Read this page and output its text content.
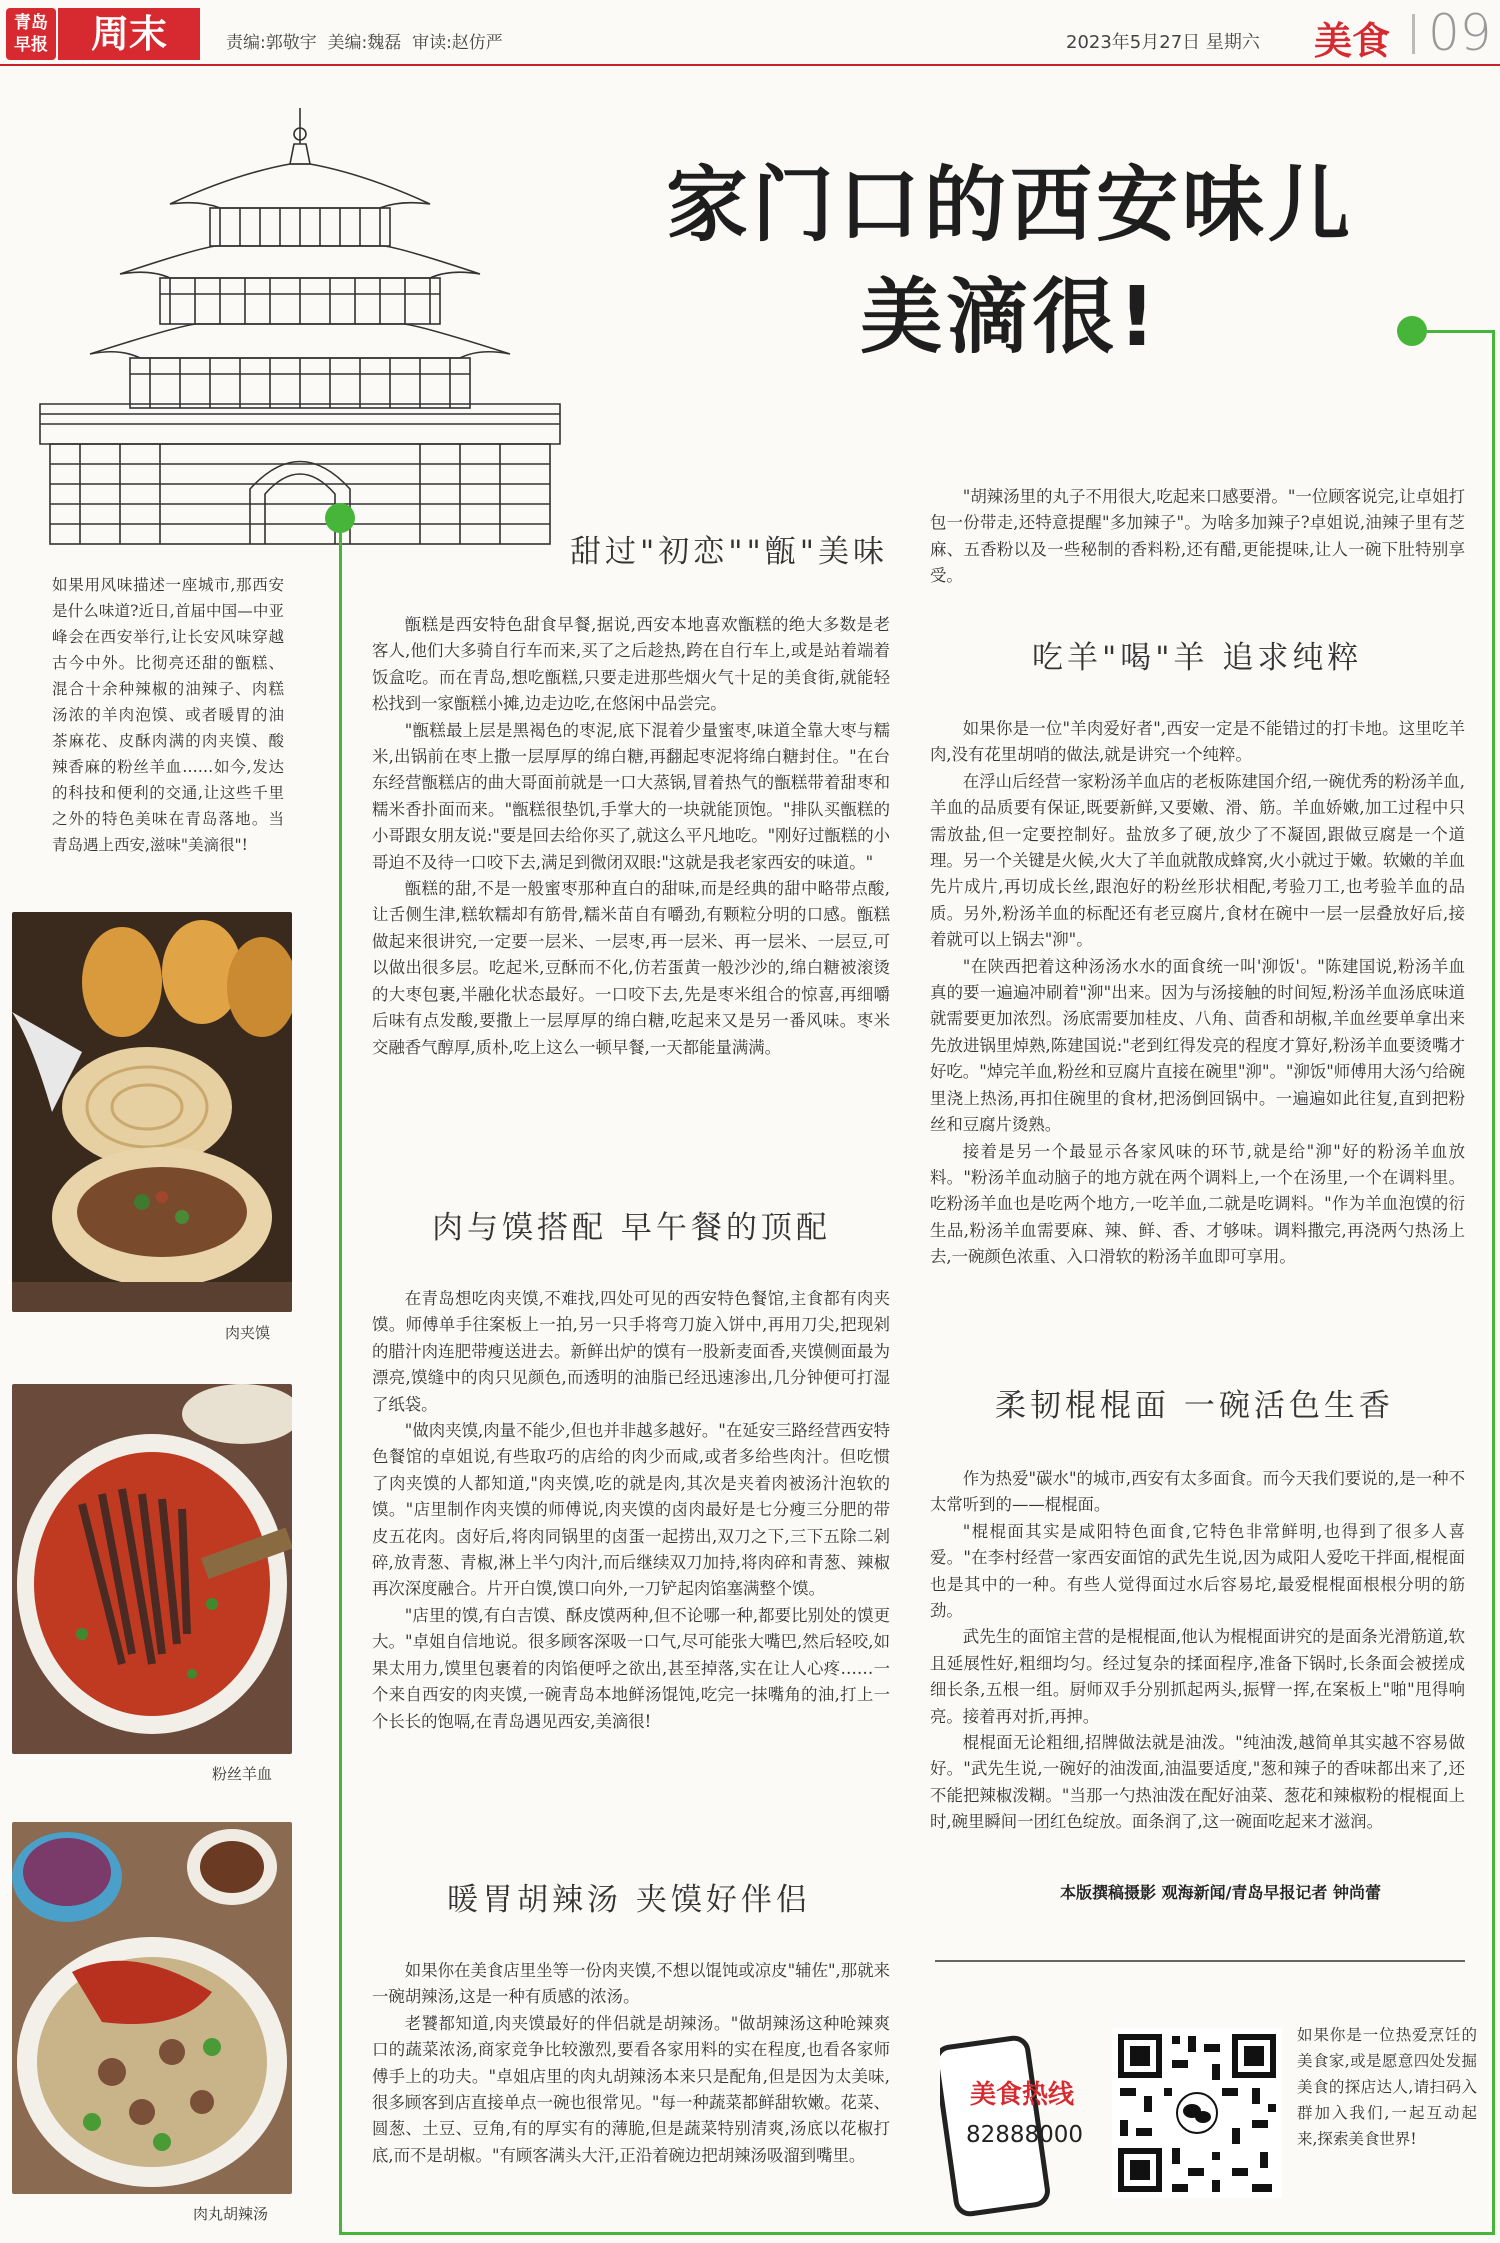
青岛
早报	周末	责编:郭敬宇  美编:魏磊  审读:赵仿严	2023年5月27日 星期六 美食 09
家门口的西安味儿
美滴很!
如果用风味描述一座城市,那西安是什么味道?近日,首届中国—中亚峰会在西安举行,让长安风味穿越古今中外。比彻亮还甜的甑糕、混合十余种辣椒的油辣子、肉糕汤浓的羊肉泡馍、或者暖胃的油茶麻花、皮酥肉满的肉夹馍、酸辣香麻的粉丝羊血……如今,发达的科技和便利的交通,让这些千里之外的特色美味在青岛落地。当青岛遇上西安,滋味"美滴很"!
肉夹馍
粉丝羊血
肉丸胡辣汤
甜过"初恋""甑"美味

甑糕是西安特色甜食早餐,据说,西安本地喜欢甑糕的绝大多数是老客人,他们大多骑自行车而来,买了之后趁热,跨在自行车上,或是站着端着饭盒吃。而在青岛,想吃甑糕,只要走进那些烟火气十足的美食街,就能轻松找到一家甑糕小摊,边走边吃,在悠闲中品尝完。

"甑糕最上层是黑褐色的枣泥,底下混着少量蜜枣,味道全靠大枣与糯米,出锅前在枣上撒一层厚厚的绵白糖,再翻起枣泥将绵白糖封住。"在台东经营甑糕店的曲大哥面前就是一口大蒸锅,冒着热气的甑糕带着甜枣和糯米香扑面而来。"甑糕很垫饥,手掌大的一块就能顶饱。"排队买甑糕的小哥跟女朋友说:"要是回去给你买了,就这么平凡地吃。"刚好过甑糕的小哥迫不及待一口咬下去,满足到微闭双眼:"这就是我老家西安的味道。"

甑糕的甜,不是一般蜜枣那种直白的甜味,而是经典的甜中略带点酸,让舌侧生津,糕软糯却有筋骨,糯米苗自有嚼劲,有颗粒分明的口感。甑糕做起来很讲究,一定要一层米、一层枣,再一层米、再一层米、一层豆,可以做出很多层。吃起米,豆酥而不化,仿若蛋黄一般沙沙的,绵白糖被滚烫的大枣包裹,半融化状态最好。一口咬下去,先是枣米组合的惊喜,再细嚼后味有点发酸,要撒上一层厚厚的绵白糖,吃起来又是另一番风味。枣米交融香气醇厚,质朴,吃上这么一顿早餐,一天都能量满满。

肉与馍搭配 早午餐的顶配

在青岛想吃肉夹馍,不难找,四处可见的西安特色餐馆,主食都有肉夹馍。师傅单手往案板上一拍,另一只手将弯刀旋入饼中,再用刀尖,把现剁的腊汁肉连肥带瘦送进去。新鲜出炉的馍有一股新麦面香,夹馍侧面最为漂亮,馍缝中的肉只见颜色,而透明的油脂已经迅速渗出,几分钟便可打湿了纸袋。

"做肉夹馍,肉量不能少,但也并非越多越好。"在延安三路经营西安特色餐馆的卓姐说,有些取巧的店给的肉少而咸,或者多给些肉汁。但吃惯了肉夹馍的人都知道,"肉夹馍,吃的就是肉,其次是夹着肉被汤汁泡软的馍。"店里制作肉夹馍的师傅说,肉夹馍的卤肉最好是七分瘦三分肥的带皮五花肉。卤好后,将肉同锅里的卤蛋一起捞出,双刀之下,三下五除二剁碎,放青葱、青椒,淋上半勺肉汁,而后继续双刀加持,将肉碎和青葱、辣椒再次深度融合。片开白馍,馍口向外,一刀铲起肉馅塞满整个馍。

"店里的馍,有白吉馍、酥皮馍两种,但不论哪一种,都要比别处的馍更大。"卓姐自信地说。很多顾客深吸一口气,尽可能张大嘴巴,然后轻咬,如果太用力,馍里包裹着的肉馅便呼之欲出,甚至掉落,实在让人心疼……一个来自西安的肉夹馍,一碗青岛本地鲜汤馄饨,吃完一抹嘴角的油,打上一个长长的饱嗝,在青岛遇见西安,美滴很!

暖胃胡辣汤 夹馍好伴侣

如果你在美食店里坐等一份肉夹馍,不想以馄饨或凉皮"辅佐",那就来一碗胡辣汤,这是一种有质感的浓汤。

老饕都知道,肉夹馍最好的伴侣就是胡辣汤。"做胡辣汤这种呛辣爽口的蔬菜浓汤,商家竞争比较激烈,要看各家用料的实在程度,也看各家师傅手上的功夫。"卓姐店里的肉丸胡辣汤本来只是配角,但是因为太美味,很多顾客到店直接单点一碗也很常见。"每一种蔬菜都鲜甜软嫩。花菜、圆葱、土豆、豆角,有的厚实有的薄脆,但是蔬菜特别清爽,汤底以花椒打底,而不是胡椒。"有顾客满头大汗,正沿着碗边把胡辣汤吸溜到嘴里。

"胡辣汤里的丸子不用很大,吃起来口感要滑。"一位顾客说完,让卓姐打包一份带走,还特意提醒"多加辣子"。为啥多加辣子?卓姐说,油辣子里有芝麻、五香粉以及一些秘制的香料粉,还有醋,更能提味,让人一碗下肚特别享受。

吃羊"喝"羊 追求纯粹

如果你是一位"羊肉爱好者",西安一定是不能错过的打卡地。这里吃羊肉,没有花里胡哨的做法,就是讲究一个纯粹。

在浮山后经营一家粉汤羊血店的老板陈建国介绍,一碗优秀的粉汤羊血,羊血的品质要有保证,既要新鲜,又要嫩、滑、筋。羊血娇嫩,加工过程中只需放盐,但一定要控制好。盐放多了硬,放少了不凝固,跟做豆腐是一个道理。另一个关键是火候,火大了羊血就散成蜂窝,火小就过于嫩。软嫩的羊血先片成片,再切成长丝,跟泡好的粉丝形状相配,考验刀工,也考验羊血的品质。另外,粉汤羊血的标配还有老豆腐片,食材在碗中一层一层叠放好后,接着就可以上锅去"泖"。

"在陕西把着这种汤汤水水的面食统一叫'泖饭'。"陈建国说,粉汤羊血真的要一遍遍冲刷着"泖"出来。因为与汤接触的时间短,粉汤羊血汤底味道就需要更加浓烈。汤底需要加桂皮、八角、茴香和胡椒,羊血丝要单拿出来先放进锅里焯熟,陈建国说:"老到红得发亮的程度才算好,粉汤羊血要烫嘴才好吃。"焯完羊血,粉丝和豆腐片直接在碗里"泖"。"泖饭"师傅用大汤勺给碗里浇上热汤,再扣住碗里的食材,把汤倒回锅中。一遍遍如此往复,直到把粉丝和豆腐片烫熟。

接着是另一个最显示各家风味的环节,就是给"泖"好的粉汤羊血放料。"粉汤羊血动脑子的地方就在两个调料上,一个在汤里,一个在调料里。吃粉汤羊血也是吃两个地方,一吃羊血,二就是吃调料。"作为羊血泡馍的衍生品,粉汤羊血需要麻、辣、鲜、香、才够味。调料撒完,再浇两勺热汤上去,一碗颜色浓重、入口滑软的粉汤羊血即可享用。

柔韧棍棍面 一碗活色生香

作为热爱"碳水"的城市,西安有太多面食。而今天我们要说的,是一种不太常听到的——棍棍面。

"棍棍面其实是咸阳特色面食,它特色非常鲜明,也得到了很多人喜爱。"在李村经营一家西安面馆的武先生说,因为咸阳人爱吃干拌面,棍棍面也是其中的一种。有些人觉得面过水后容易坨,最爱棍棍面根根分明的筋劲。

武先生的面馆主营的是棍棍面,他认为棍棍面讲究的是面条光滑筋道,软且延展性好,粗细均匀。经过复杂的揉面程序,准备下锅时,长条面会被搓成细长条,五根一组。厨师双手分别抓起两头,振臂一挥,在案板上"啪"甩得响亮。接着再对折,再抻。

棍棍面无论粗细,招牌做法就是油泼。"纯油泼,越简单其实越不容易做好。"武先生说,一碗好的油泼面,油温要适度,"葱和辣子的香味都出来了,还不能把辣椒泼糊。"当那一勺热油泼在配好油菜、葱花和辣椒粉的棍棍面上时,碗里瞬间一团红色绽放。面条润了,这一碗面吃起来才滋润。

本版撰稿摄影 观海新闻/青岛早报记者 钟尚蕾
美食热线
82888000
如果你是一位热爱烹饪的美食家,或是愿意四处发掘美食的探店达人,请扫码入群加入我们,一起互动起来,探索美食世界!
